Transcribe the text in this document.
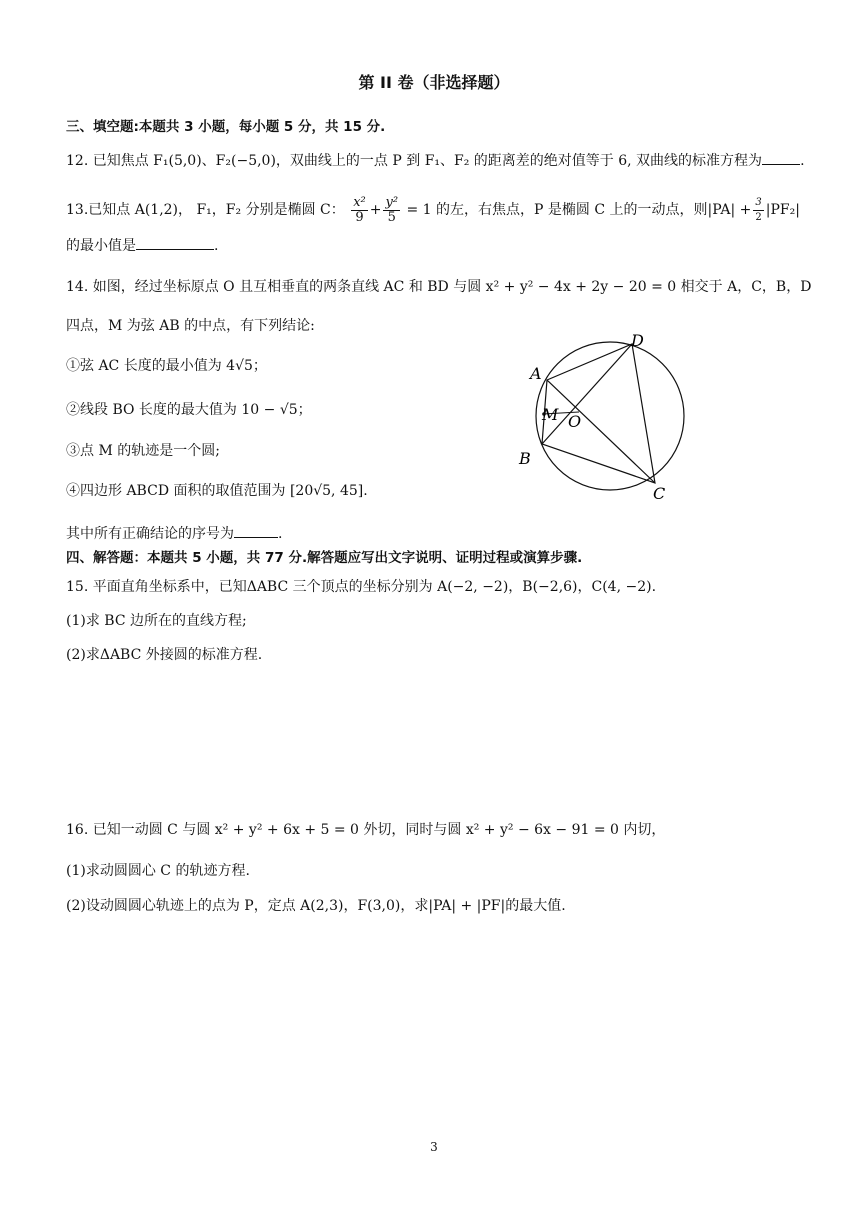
第 II 卷（非选择题）
三、填空题:本题共 3 小题，每小题 5 分，共 15 分.
12. 已知焦点 F₁(5,0)、F₂(−5,0)，双曲线上的一点 P 到 F₁、F₂ 的距离差的绝对值等于 6, 双曲线的标准方程为	.
13.已知点 A(1,2)， F₁，F₂ 分别是椭圆 C： $\frac{\text{x²}}{9} + \frac{\text{y²}}{5} = 1$ 的左，右焦点，P 是椭圆 C 上的一动点，则$|PA| + \frac{3}{2} |PF_2|$
的最小值是	.
14. 如图，经过坐标原点 O 且互相垂直的两条直线 AC 和 BD 与圆 x² + y² − 4x + 2y − 20 = 0 相交于 A，C，B，D
四点，M 为弦 AB 的中点，有下列结论:
①弦 AC 长度的最小值为 4√5；
②线段 BO 长度的最大值为 10 − √5；
③点 M 的轨迹是一个圆;
④四边形 ABCD 面积的取值范围为 [20√5, 45].
其中所有正确结论的序号为	.
A
D
M O
B
C
四、解答题：本题共 5 小题，共 77 分.解答题应写出文字说明、证明过程或演算步骤.
15. 平面直角坐标系中，已知ΔABC 三个顶点的坐标分别为 A(−2, −2)，B(−2,6)，C(4, −2).
(1)求 BC 边所在的直线方程;
(2)求ΔABC 外接圆的标准方程.
16. 已知一动圆 C 与圆 x² + y² + 6x + 5 = 0 外切，同时与圆 x² + y² − 6x − 91 = 0 内切，
(1)求动圆圆心 C 的轨迹方程.
(2)设动圆圆心轨迹上的点为 P，定点 A(2,3)，F(3,0)，求|PA| + |PF|的最大值.
3
